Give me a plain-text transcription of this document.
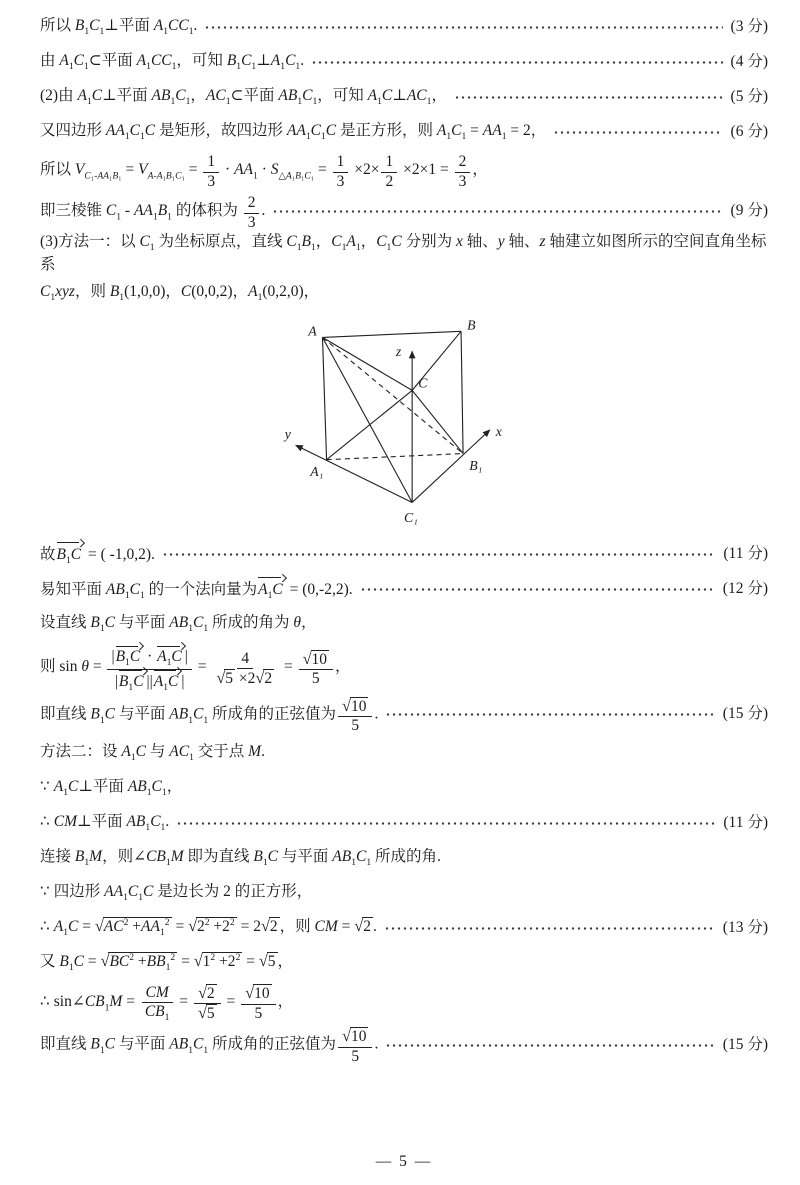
所以 $B_1C_1\perp$平面 $A_1CC_1$.	(3 分)
由 $A_1C_1\subset$平面 $A_1CC_1$，可知 $B_1C_1\perp A_1C_1$.	(4 分)
(2)由 $A_1C\perp$平面 $AB_1C_1$，$AC_1\subset$平面 $AB_1C_1$，可知 $A_1C\perp AC_1$，	(5 分)
又四边形 $AA_1C_1C$ 是矩形，故四边形 $AA_1C_1C$ 是正方形，则 $A_1C_1 = AA_1 = 2$，	(6 分)
所以 $V_{C_1-AA_1B_1} = V_{A-A_1B_1C_1} = \frac{1}{3} \cdot AA_1 \cdot S_{\triangle A_1B_1C_1} = \frac{1}{3} \times 2\times \frac{1}{2} \times 2\times 1 = \frac{2}{3}$ ，
即三棱锥 $C_1 - AA_1B_1$ 的体积为 $\frac{2}{3}$ .	(9 分)
(3)方法一：以 $C_1$ 为坐标原点，直线 $C_1B_1$，$C_1A_1$，$C_1C$ 分别为 x 轴、y 轴、z 轴建立如图所示的空间直角坐标系
$C_1xyz$，则 $B_1(1,0,0)$，C(0,0,2)，$A_1(0,2,0)$，
A	B
C
A₁	B₁
C₁
x
y
z
故$B_1C$ = ( -1,0,2).	(11 分)
易知平面 $AB_1C_1$ 的一个法向量为$A_1C = (0,-2,2)$.	(12 分)
设直线 $B_1C$ 与平面 $AB_1C_1$ 所成的角为 θ，
则 $\sin \theta = \frac{|B_1C \cdot A_1C |}{|B_1C ||A_1C |} = \frac{4}{√5 \times 2√2} = \frac{√10}{5}$ ，
即直线 $B_1C$ 与平面 $AB_1C_1$ 所成角的正弦值为 $\frac{√10}{5}$ .	(15 分)
方法二：设 $A_1C$ 与 $AC_1$ 交于点 M.
∵ $A_1C\perp$平面 $AB_1C_1$，
∴ CM⊥平面 $AB_1C_1$.	(11 分)
连接 $B_1M$，则$\angle CB_1M$ 即为直线 $B_1C$ 与平面 $AB_1C_1$ 所成的角.
∵ 四边形 $AA_1C_1C$ 是边长为 2 的正方形，
∴ $A_1C = √AC^2 +AA_1^2 = √2^2 +2^2 = 2√2$ ，则 CM = √2 .	(13 分)
又 $B_1C = √BC^2 +BB_1^2 = √1^2 +2^2 = √5$ ，
∴ $\sin\angle CB_1M = \frac{CM}{CB_1} = \frac{√2}{√5} = \frac{√10}{5}$ ，
即直线 $B_1C$ 与平面 $AB_1C_1$ 所成角的正弦值为 $\frac{√10}{5}$ .	(15 分)
— 5 —
